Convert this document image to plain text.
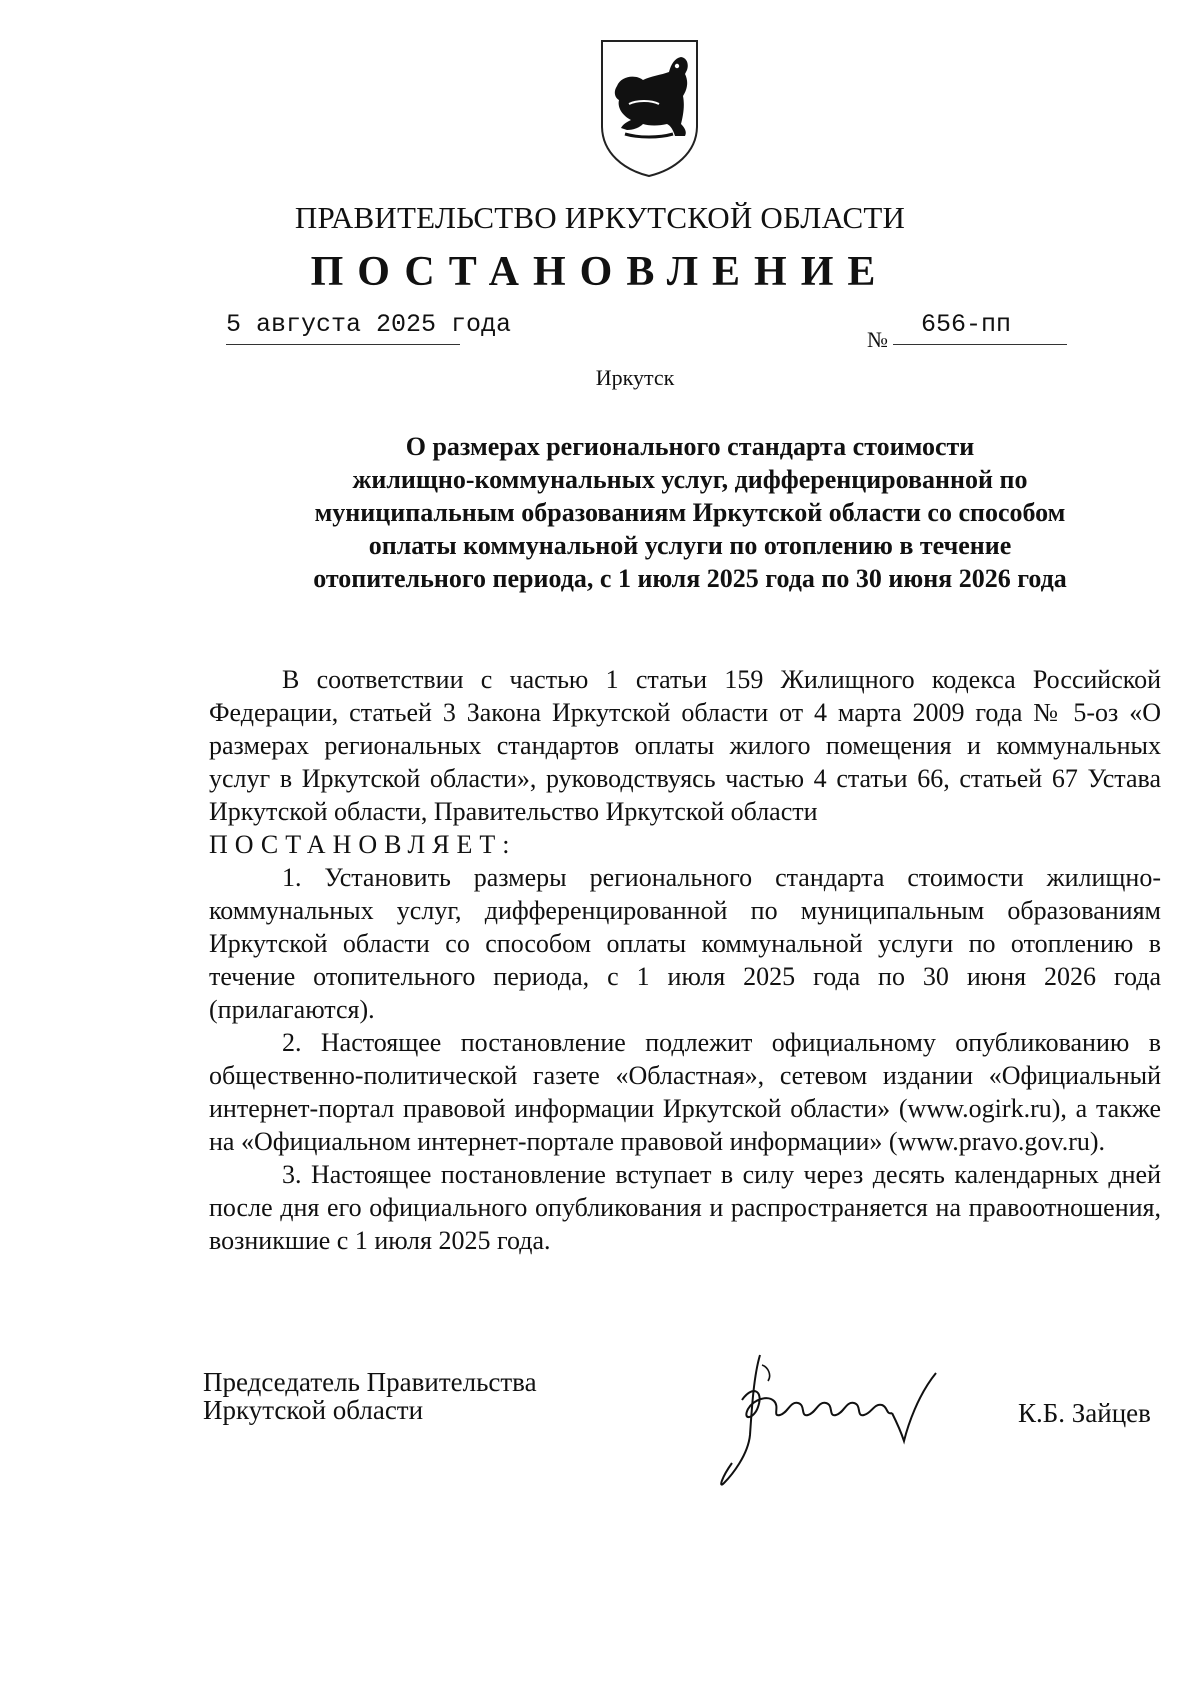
ПРАВИТЕЛЬСТВО ИРКУТСКОЙ ОБЛАСТИ
ПОСТАНОВЛЕНИЕ
5 августа 2025 года
№
656-пп
Иркутск
О размерах регионального стандарта стоимости
жилищно-коммунальных услуг, дифференцированной по
муниципальным образованиям Иркутской области со способом
оплаты коммунальной услуги по отоплению в течение
отопительного периода, с 1 июля 2025 года по 30 июня 2026 года

В соответствии с частью 1 статьи 159 Жилищного кодекса Российской Федерации, статьей 3 Закона Иркутской области от 4 марта 2009 года № 5-оз «О размерах региональных стандартов оплаты жилого помещения и коммунальных услуг в Иркутской области», руководствуясь частью 4 статьи 66, статьей 67 Устава Иркутской области, Правительство Иркутской области

ПОСТАНОВЛЯЕТ:

1. Установить размеры регионального стандарта стоимости жилищно-коммунальных услуг, дифференцированной по муниципальным образованиям Иркутской области со способом оплаты коммунальной услуги по отоплению в течение отопительного периода, с 1 июля 2025 года по 30 июня 2026 года (прилагаются).

2. Настоящее постановление подлежит официальному опубликованию в общественно-политической газете «Областная», сетевом издании «Официальный интернет-портал правовой информации Иркутской области» (www.ogirk.ru), а также на «Официальном интернет-портале правовой информации» (www.pravo.gov.ru).

3. Настоящее постановление вступает в силу через десять календарных дней после дня его официального опубликования и распространяется на правоотношения, возникшие с 1 июля 2025 года.

Председатель Правительства
Иркутской области	К.Б. Зайцев
